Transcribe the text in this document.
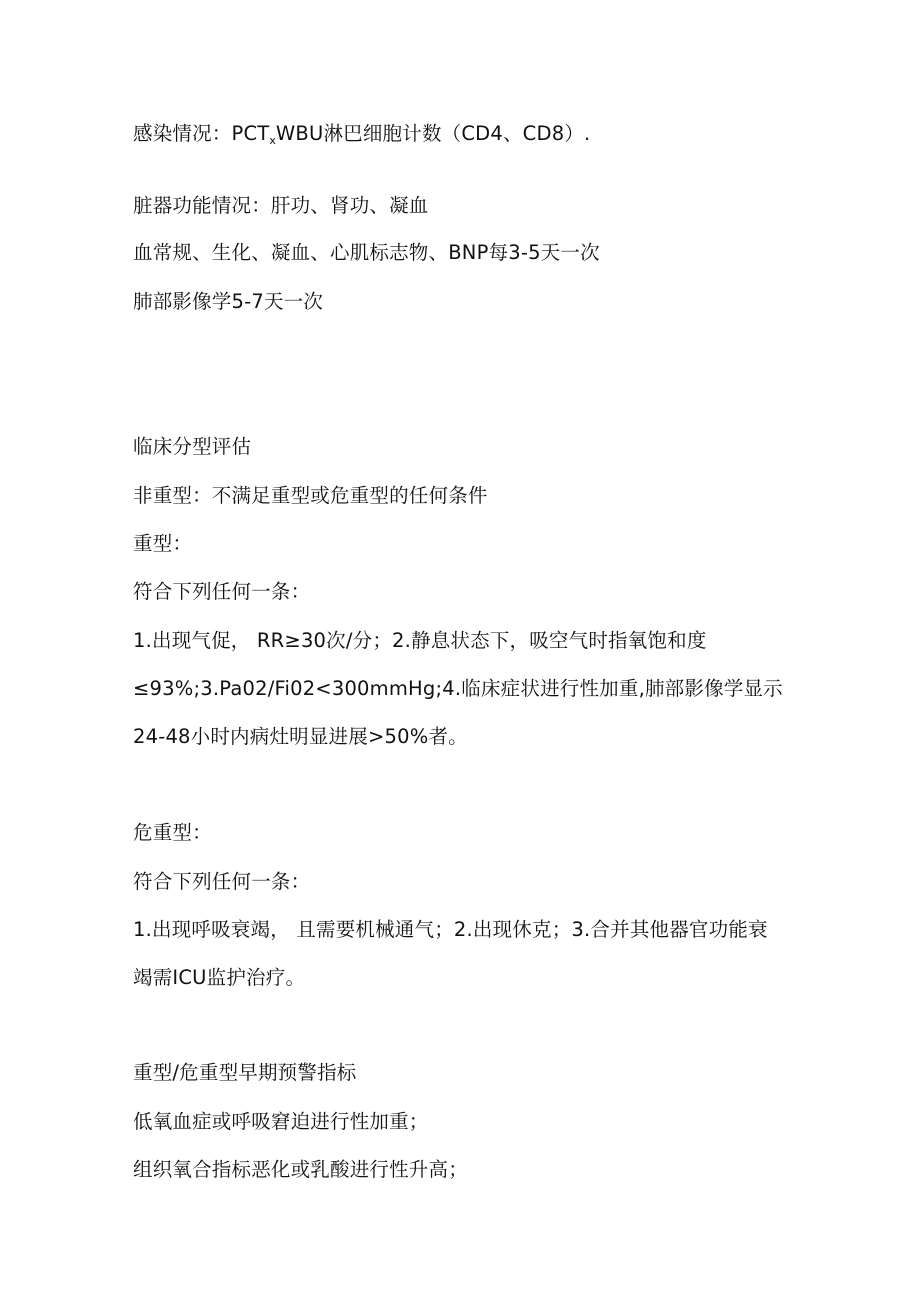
感染情况：$PCT_xWBU$淋巴细胞计数（CD4、CD8）.
脏器功能情况：肝功、肾功、凝血
血常规、生化、凝血、心肌标志物、BNP每3-5天一次
肺部影像学5-7天一次
临床分型评估
非重型：不满足重型或危重型的任何条件
重型：
符合下列任何一条：
1.出现气促， RR≥30次/分；2.静息状态下，吸空气时指氧饱和度
≤93%;3.Pa02/Fi02<300mmHg;4.临床症状进行性加重,肺部影像学显示
24-48小时内病灶明显进展>50%者。
危重型：
符合下列任何一条：
1.出现呼吸衰竭， 且需要机械通气；2.出现休克；3.合并其他器官功能衰
竭需ICU监护治疗。
重型/危重型早期预警指标
低氧血症或呼吸窘迫进行性加重；
组织氧合指标恶化或乳酸进行性升高；
